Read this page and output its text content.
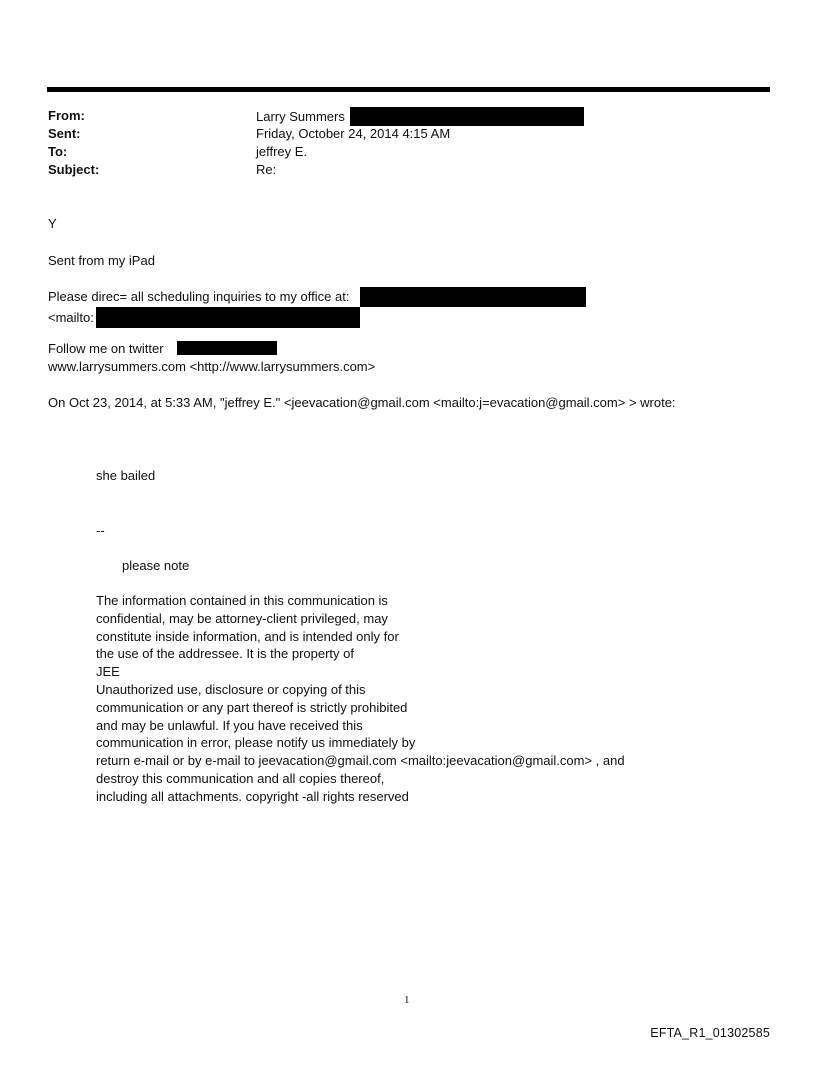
From:	Larry Summers
Sent:	Friday, October 24, 2014 4:15 AM
To:	jeffrey E.
Subject:	Re:
Y
Sent from my iPad
Please direc= all scheduling inquiries to my office at:
<mailto:
Follow me on twitter
www.larrysummers.com <http://www.larrysummers.com>
On Oct 23, 2014, at 5:33 AM, "jeffrey E." <jeevacation@gmail.com <mailto:j=evacation@gmail.com> > wrote:
she bailed
--
please note
The information contained in this communication is
confidential, may be attorney-client privileged, may
constitute inside information, and is intended only for
the use of the addressee. It is the property of
JEE
Unauthorized use, disclosure or copying of this
communication or any part thereof is strictly prohibited
and may be unlawful. If you have received this
communication in error, please notify us immediately by
return e-mail or by e-mail to jeevacation@gmail.com <mailto:jeevacation@gmail.com> , and
destroy this communication and all copies thereof,
including all attachments. copyright -all rights reserved
1
EFTA_R1_01302585
